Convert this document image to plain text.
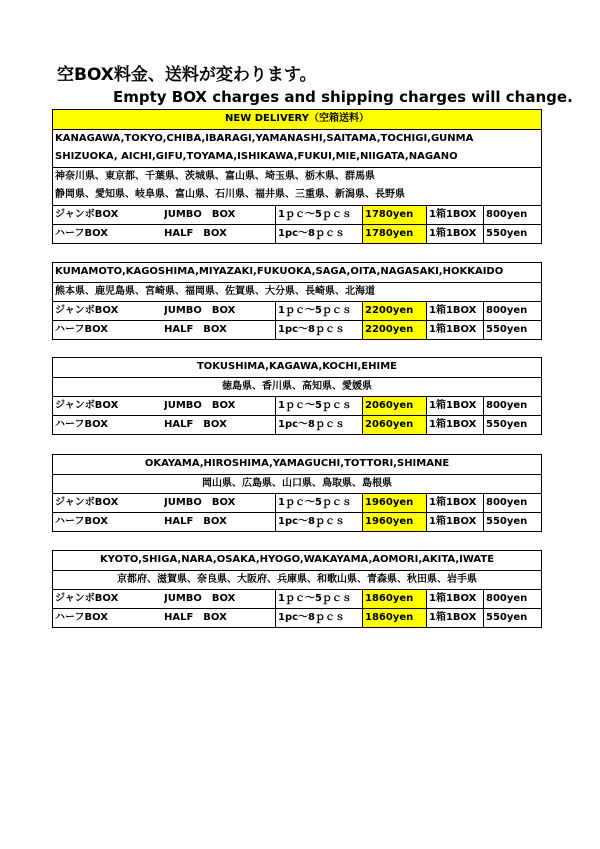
空BOX料金、送料が変わります。
Empty BOX charges and shipping charges will change.
NEW DELIVERY（空箱送料）
KANAGAWA,TOKYO,CHIBA,IBARAGI,YAMANASHI,SAITAMA,TOCHIGI,GUNMA
SHIZUOKA, AICHI,GIFU,TOYAMA,ISHIKAWA,FUKUI,MIE,NIIGATA,NAGANO
神奈川県、東京都、千葉県、茨城県、富山県、埼玉県、栃木県、群馬県
静岡県、愛知県、岐阜県、富山県、石川県、福井県、三重県、新潟県、長野県
ジャンボBOX	JUMBO　BOX	1ｐｃ～5ｐｃｓ	1780yen	1箱1BOX 800yen
ハーフBOX	HALF　BOX	1pc～8ｐｃｓ	1780yen	1箱1BOX 550yen
KUMAMOTO,KAGOSHIMA,MIYAZAKI,FUKUOKA,SAGA,OITA,NAGASAKI,HOKKAIDO
熊本県、鹿児島県、宮崎県、福岡県、佐賀県、大分県、長崎県、北海道
ジャンボBOX	JUMBO　BOX	1ｐｃ～5ｐｃｓ	2200yen	1箱1BOX 800yen
ハーフBOX	HALF　BOX	1pc～8ｐｃｓ	2200yen	1箱1BOX 550yen
TOKUSHIMA,KAGAWA,KOCHI,EHIME
徳島県、香川県、高知県、愛媛県
ジャンボBOX	JUMBO　BOX	1ｐｃ～5ｐｃｓ	2060yen	1箱1BOX 800yen
ハーフBOX	HALF　BOX	1pc～8ｐｃｓ	2060yen	1箱1BOX 550yen
OKAYAMA,HIROSHIMA,YAMAGUCHI,TOTTORI,SHIMANE
岡山県、広島県、山口県、鳥取県、島根県
ジャンボBOX	JUMBO　BOX	1ｐｃ～5ｐｃｓ	1960yen	1箱1BOX 800yen
ハーフBOX	HALF　BOX	1pc～8ｐｃｓ	1960yen	1箱1BOX 550yen
KYOTO,SHIGA,NARA,OSAKA,HYOGO,WAKAYAMA,AOMORI,AKITA,IWATE
京都府、滋賀県、奈良県、大阪府、兵庫県、和歌山県、青森県、秋田県、岩手県
ジャンボBOX	JUMBO　BOX	1ｐｃ～5ｐｃｓ	1860yen	1箱1BOX 800yen
ハーフBOX	HALF　BOX	1pc～8ｐｃｓ	1860yen	1箱1BOX 550yen
